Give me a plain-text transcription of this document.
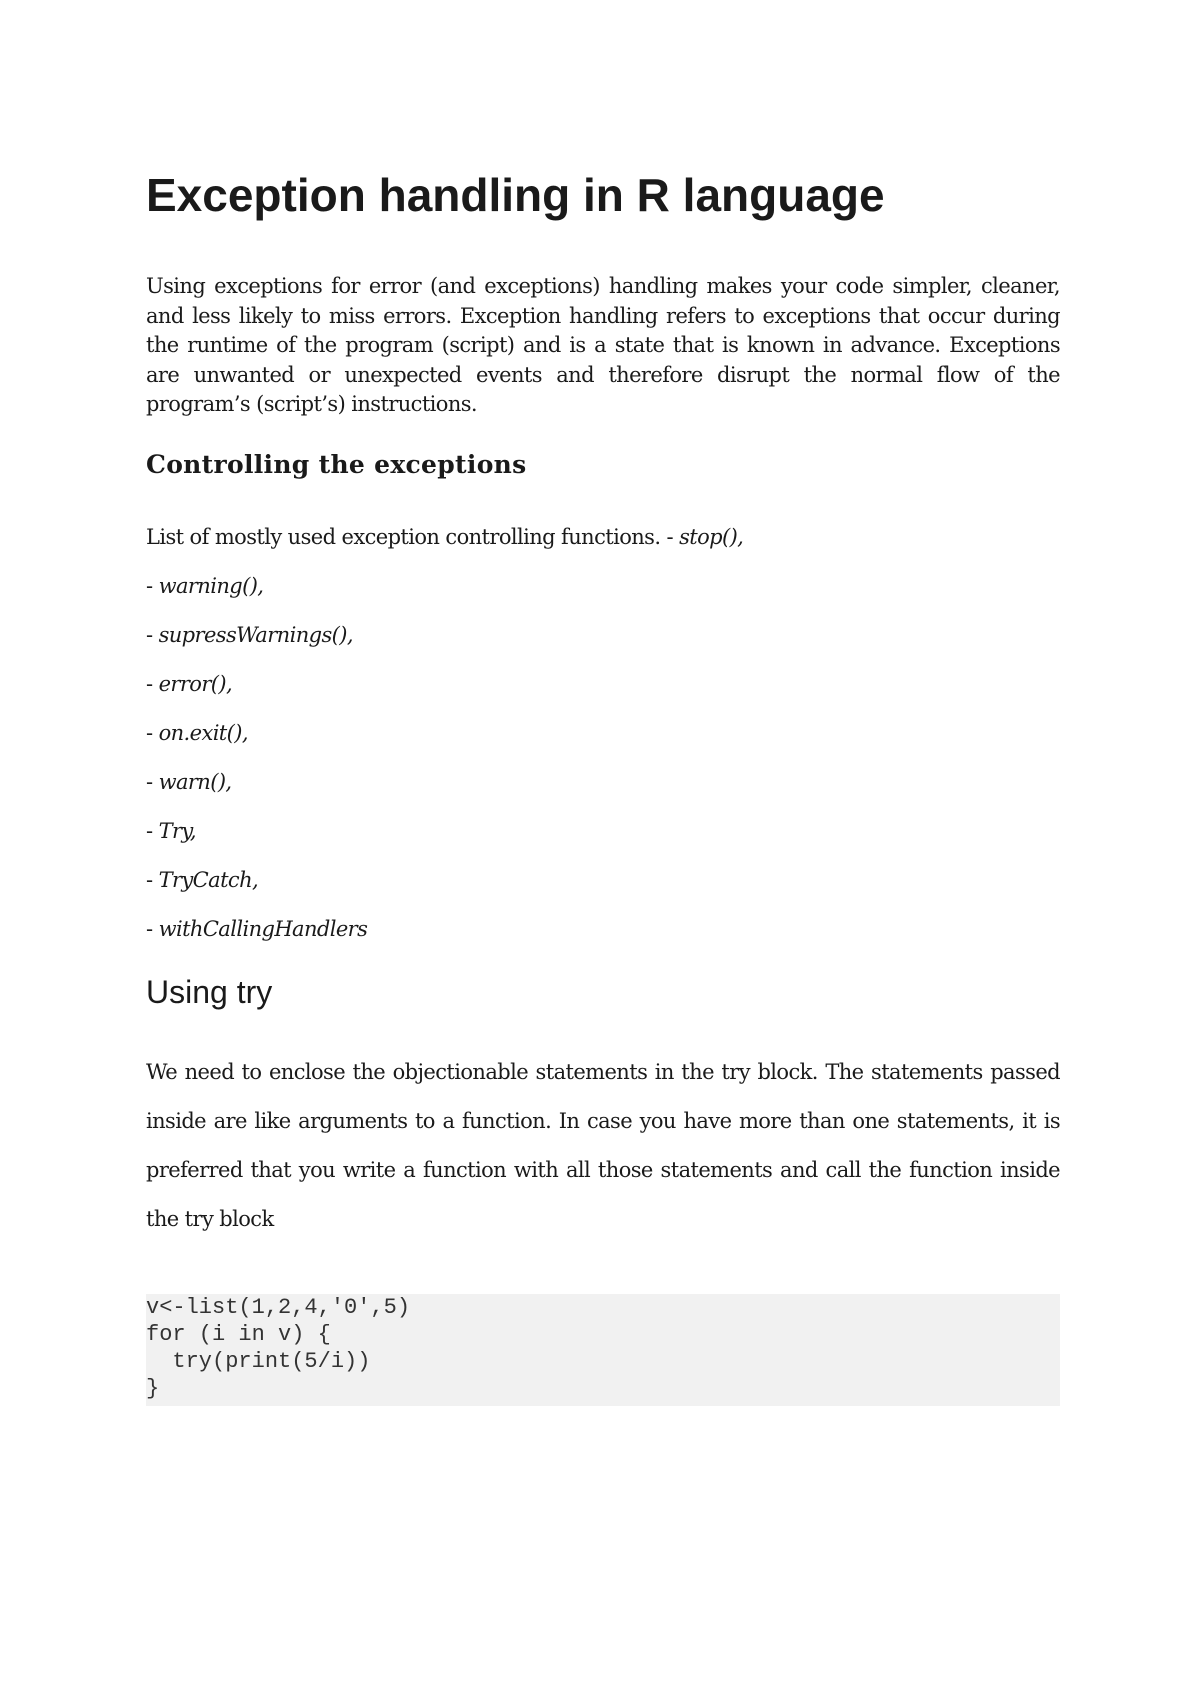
Exception handling in R language

Using exceptions for error (and exceptions) handling makes your code simpler, cleaner, and less likely to miss errors. Exception handling refers to exceptions that occur during the runtime of the program (script) and is a state that is known in advance. Exceptions are unwanted or unexpected events and therefore disrupt the normal flow of the program’s (script’s) instructions.

Controlling the exceptions

List of mostly used exception controlling functions. - stop(),

- warning(),

- supressWarnings(),

- error(),

- on.exit(),

- warn(),

- Try,

- TryCatch,

- withCallingHandlers

Using try

We need to enclose the objectionable statements in the try block. The statements passed inside are like arguments to a function. In case you have more than one statements, it is preferred that you write a function with all those statements and call the function inside the try block

v<-list(1,2,4,'0',5)
for (i in v) {
try(print(5/i))
}
